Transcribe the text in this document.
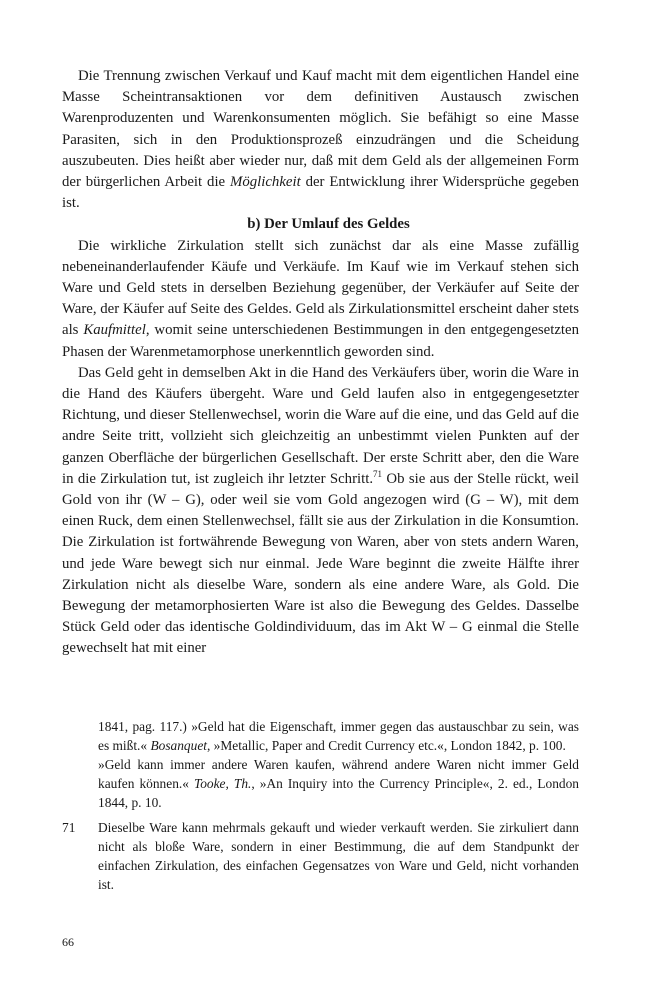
Die Trennung zwischen Verkauf und Kauf macht mit dem eigentlichen Handel eine Masse Scheintransaktionen vor dem definitiven Austausch zwischen Warenproduzenten und Warenkonsumenten möglich. Sie befähigt so eine Masse Parasiten, sich in den Produktionsprozeß einzudrängen und die Scheidung auszubeuten. Dies heißt aber wieder nur, daß mit dem Geld als der allgemeinen Form der bürgerlichen Arbeit die Möglichkeit der Entwicklung ihrer Widersprüche gegeben ist.

b) Der Umlauf des Geldes

Die wirkliche Zirkulation stellt sich zunächst dar als eine Masse zufällig nebeneinanderlaufender Käufe und Verkäufe. Im Kauf wie im Verkauf stehen sich Ware und Geld stets in derselben Beziehung gegenüber, der Verkäufer auf Seite der Ware, der Käufer auf Seite des Geldes. Geld als Zirkulationsmittel erscheint daher stets als Kaufmittel, womit seine unterschiedenen Bestimmungen in den entgegengesetzten Phasen der Warenmetamorphose unerkenntlich geworden sind.

Das Geld geht in demselben Akt in die Hand des Verkäufers über, worin die Ware in die Hand des Käufers übergeht. Ware und Geld laufen also in entgegengesetzter Richtung, und dieser Stellenwechsel, worin die Ware auf die eine, und das Geld auf die andre Seite tritt, vollzieht sich gleichzeitig an unbestimmt vielen Punkten auf der ganzen Oberfläche der bürgerlichen Gesellschaft. Der erste Schritt aber, den die Ware in die Zirkulation tut, ist zugleich ihr letzter Schritt.$^{71}$ Ob sie aus der Stelle rückt, weil Gold von ihr (W – G), oder weil sie vom Gold angezogen wird (G – W), mit dem einen Ruck, dem einen Stellenwechsel, fällt sie aus der Zirkulation in die Konsumtion. Die Zirkulation ist fortwährende Bewegung von Waren, aber von stets andern Waren, und jede Ware bewegt sich nur einmal. Jede Ware beginnt die zweite Hälfte ihrer Zirkulation nicht als dieselbe Ware, sondern als eine andere Ware, als Gold. Die Bewegung der metamorphosierten Ware ist also die Bewegung des Geldes. Dasselbe Stück Geld oder das identische Goldindividuum, das im Akt W – G einmal die Stelle gewechselt hat mit einer

1841, pag. 117.) »Geld hat die Eigenschaft, immer gegen das austauschbar zu sein, was es mißt.« Bosanquet, »Metallic, Paper and Credit Currency etc.«, London 1842, p. 100.

»Geld kann immer andere Waren kaufen, während andere Waren nicht immer Geld kaufen können.« Tooke, Th., »An Inquiry into the Currency Principle«, 2. ed., London 1844, p. 10.

71 Dieselbe Ware kann mehrmals gekauft und wieder verkauft werden. Sie zirkuliert dann nicht als bloße Ware, sondern in einer Bestimmung, die auf dem Standpunkt der einfachen Zirkulation, des einfachen Gegensatzes von Ware und Geld, nicht vorhanden ist.

66
